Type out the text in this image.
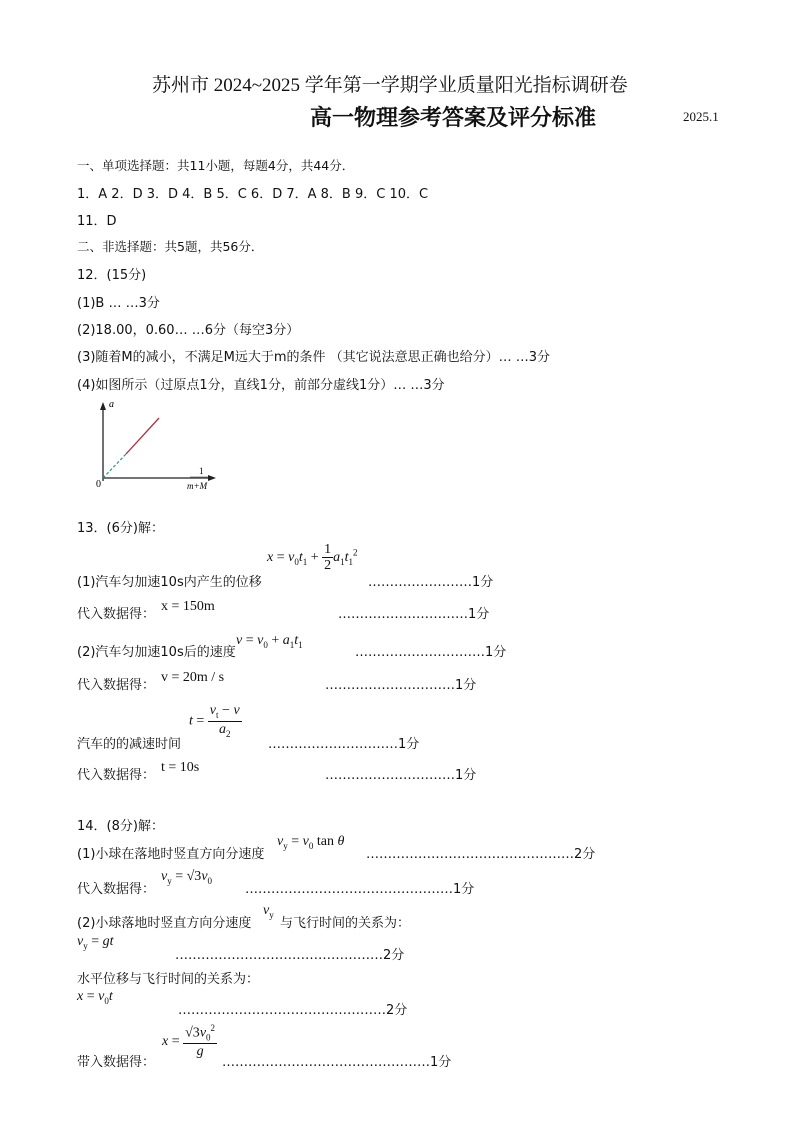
苏州市 2024~2025 学年第一学期学业质量阳光指标调研卷
高一物理参考答案及评分标准	2025.1
一、单项选择题：共11小题，每题4分，共44分．
1．A 2．D 3．D 4．B 5．C 6．D 7．A 8．B 9．C 10．C
11．D
二、非选择题：共5题，共56分．
12．(15分)
(1)B … …3分
(2)18.00，0.60… …6分（每空3分）
(3)随着M的减小，不满足M远大于m的条件 （其它说法意思正确也给分）… …3分
(4)如图所示（过原点1分，直线1分，前部分虚线1分）… …3分
a
0
1
m+M
13．(6分)解：
(1)汽车匀加速10s内产生的位移
$x = v_0t_1 + \frac{1}{2} a_1t_1^2$
……………………1分
代入数据得：
x = 150m
…………………………1分
(2)汽车匀加速10s后的速度
$v = v_0 + a_1t_1$
…………………………1分
代入数据得：
v = 20m / s
…………………………1分
$t = \frac{v_t - v}{a_2}$
汽车的的减速时间	…………………………1分
代入数据得：
t = 10s
…………………………1分
14．(8分)解：
(1)小球在落地时竖直方向分速度
$v_y = v_0$ tan θ
…………………………………………2分
代入数据得：
$v_y = √3v_0$
…………………………………………1分
(2)小球落地时竖直方向分速度
$v_y$
与飞行时间的关系为：
$v_y$ = gt
…………………………………………2分
水平位移与飞行时间的关系为：
$x = v_0t$
…………………………………………2分
$x = \frac{√3v_0^2}{g}$
带入数据得：	…………………………………………1分
